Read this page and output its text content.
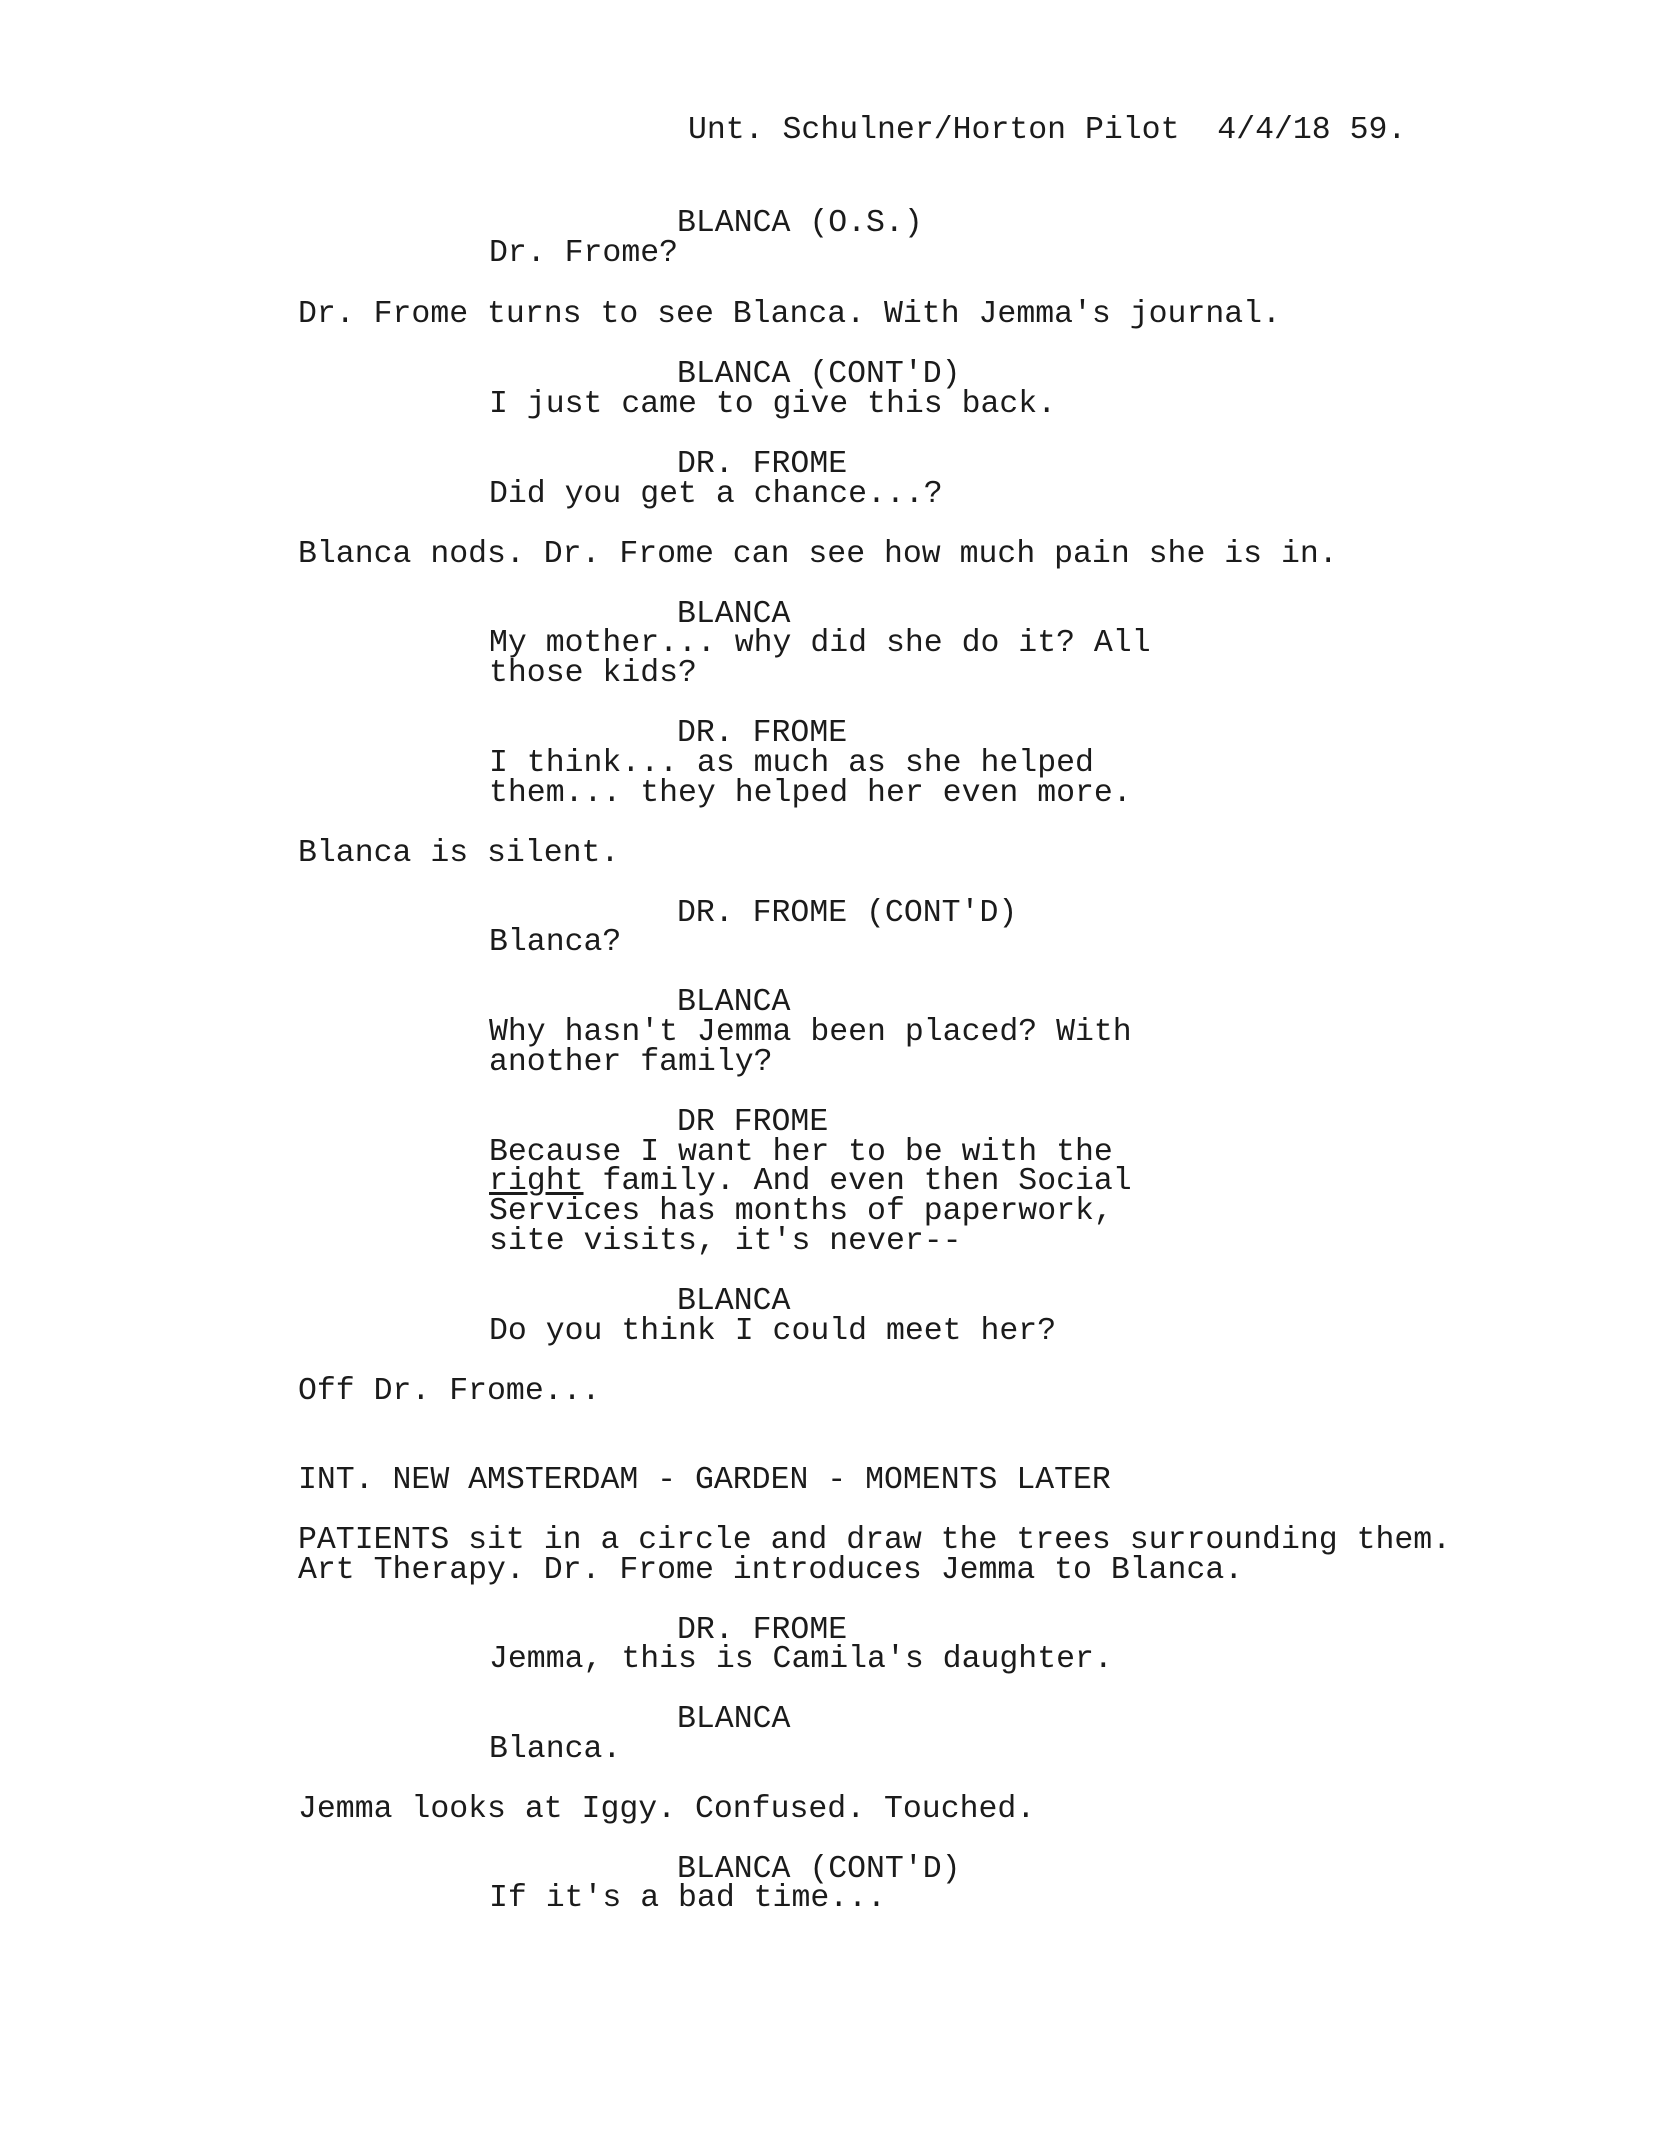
Unt. Schulner/Horton Pilot 4/4/18 59.
BLANCA (O.S.)
Dr. Frome?
Dr. Frome turns to see Blanca. With Jemma's journal.
BLANCA (CONT'D)
I just came to give this back.
DR. FROME
Did you get a chance...?
Blanca nods. Dr. Frome can see how much pain she is in.
BLANCA
My mother... why did she do it? All
those kids?
DR. FROME
I think... as much as she helped
them... they helped her even more.
Blanca is silent.
DR. FROME (CONT'D)
Blanca?
BLANCA
Why hasn't Jemma been placed? With
another family?
DR FROME
Because I want her to be with the
right family. And even then Social
Services has months of paperwork,
site visits, it's never--
BLANCA
Do you think I could meet her?
Off Dr. Frome...
INT. NEW AMSTERDAM - GARDEN - MOMENTS LATER
PATIENTS sit in a circle and draw the trees surrounding them.
Art Therapy. Dr. Frome introduces Jemma to Blanca.
DR. FROME
Jemma, this is Camila's daughter.
BLANCA
Blanca.
Jemma looks at Iggy. Confused. Touched.
BLANCA (CONT'D)
If it's a bad time...
